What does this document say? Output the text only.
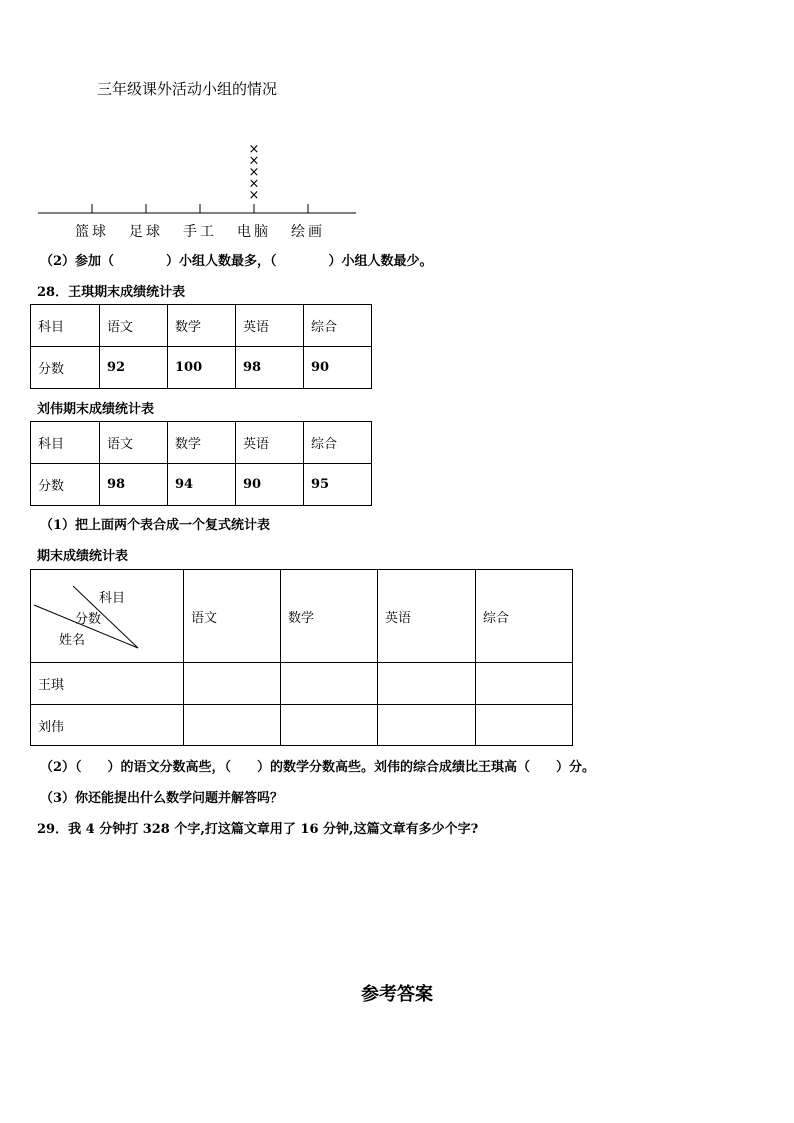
三年级课外活动小组的情况
篮球 足球 手工 电脑
×
×
×
×
×
绘画
（2）参加（　　　　）小组人数最多，（　　　　）小组人数最少。
28．王琪期末成绩统计表
科目	语文	数学	英语	综合
分数	92	100	98	90
刘伟期末成绩统计表
科目	语文	数学	英语	综合
分数	98	94	90	95
（1）把上面两个表合成一个复式统计表
期末成绩统计表
科目
分数
姓名	语文	数学	英语	综合
王琪				
刘伟				
（2）（　　）的语文分数高些，（　　）的数学分数高些。刘伟的综合成绩比王琪高（　　）分。
（3）你还能提出什么数学问题并解答吗？
29．我 4 分钟打 328 个字,打这篇文章用了 16 分钟,这篇文章有多少个字?
参考答案
